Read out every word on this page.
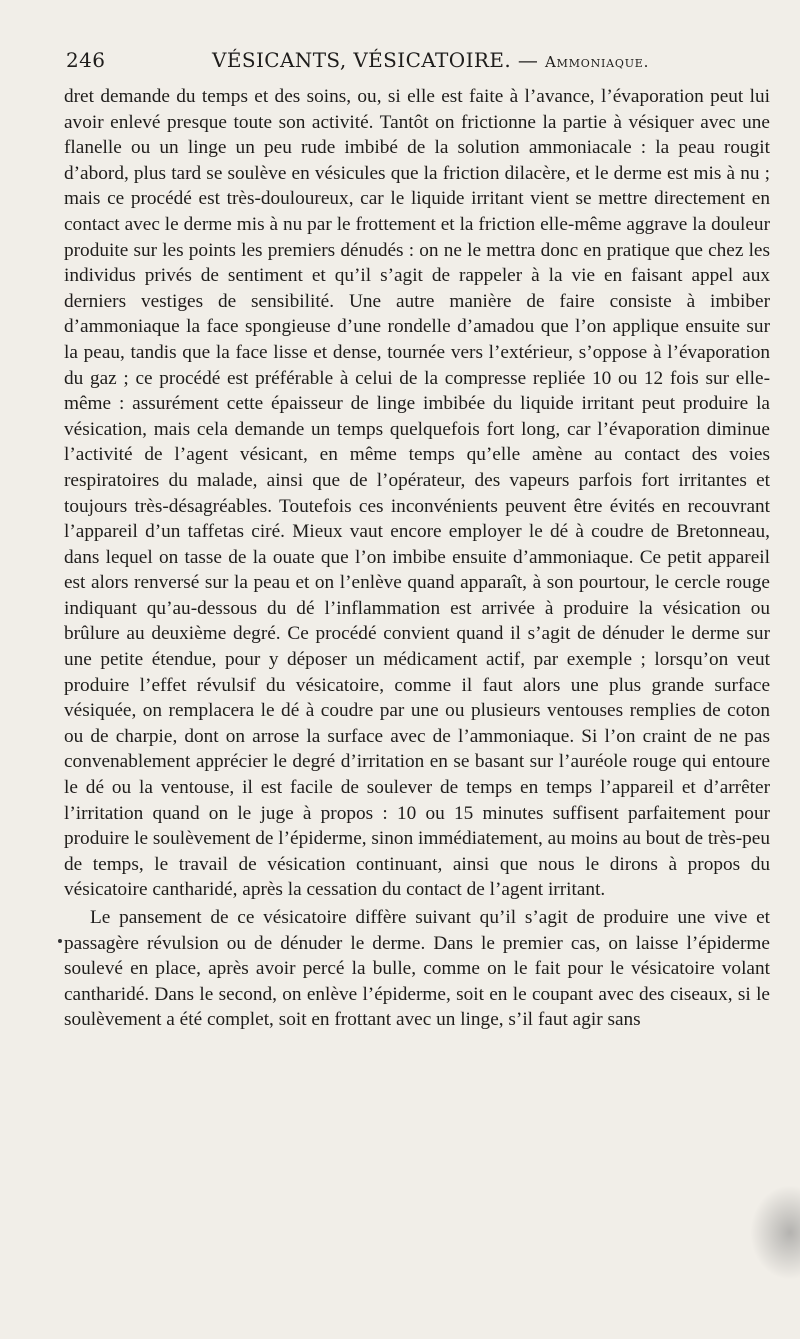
246	VÉSICANTS, VÉSICATOIRE. — Ammoniaque.

dret demande du temps et des soins, ou, si elle est faite à l’avance, l’évaporation peut lui avoir enlevé presque toute son activité. Tantôt on frictionne la partie à vésiquer avec une flanelle ou un linge un peu rude imbibé de la solution ammoniacale : la peau rougit d’abord, plus tard se soulève en vésicules que la friction dilacère, et le derme est mis à nu ; mais ce procédé est très-douloureux, car le liquide irritant vient se mettre directement en contact avec le derme mis à nu par le frottement et la friction elle-même aggrave la douleur produite sur les points les premiers dénudés : on ne le mettra donc en pratique que chez les individus privés de sentiment et qu’il s’agit de rappeler à la vie en faisant appel aux derniers vestiges de sensibilité. Une autre manière de faire consiste à imbiber d’ammoniaque la face spongieuse d’une rondelle d’amadou que l’on applique ensuite sur la peau, tandis que la face lisse et dense, tournée vers l’extérieur, s’oppose à l’évaporation du gaz ; ce procédé est préférable à celui de la compresse repliée 10 ou 12 fois sur elle-même : assurément cette épaisseur de linge imbibée du liquide irritant peut produire la vésication, mais cela demande un temps quelquefois fort long, car l’évaporation diminue l’activité de l’agent vésicant, en même temps qu’elle amène au contact des voies respiratoires du malade, ainsi que de l’opérateur, des vapeurs parfois fort irritantes et toujours très-désagréables. Toutefois ces inconvénients peuvent être évités en recouvrant l’appareil d’un taffetas ciré. Mieux vaut encore employer le dé à coudre de Bretonneau, dans lequel on tasse de la ouate que l’on imbibe ensuite d’ammoniaque. Ce petit appareil est alors renversé sur la peau et on l’enlève quand apparaît, à son pourtour, le cercle rouge indiquant qu’au-dessous du dé l’inflammation est arrivée à produire la vésication ou brûlure au deuxième degré. Ce procédé convient quand il s’agit de dénuder le derme sur une petite étendue, pour y déposer un médicament actif, par exemple ; lorsqu’on veut produire l’effet révulsif du vésicatoire, comme il faut alors une plus grande surface vésiquée, on remplacera le dé à coudre par une ou plusieurs ventouses remplies de coton ou de charpie, dont on arrose la surface avec de l’ammoniaque. Si l’on craint de ne pas convenablement apprécier le degré d’irritation en se basant sur l’auréole rouge qui entoure le dé ou la ventouse, il est facile de soulever de temps en temps l’appareil et d’arrêter l’irritation quand on le juge à propos : 10 ou 15 minutes suffisent parfaitement pour produire le soulèvement de l’épiderme, sinon immédiatement, au moins au bout de très-peu de temps, le travail de vésication continuant, ainsi que nous le dirons à propos du vésicatoire cantharidé, après la cessation du contact de l’agent irritant.

Le pansement de ce vésicatoire diffère suivant qu’il s’agit de produire une vive et passagère révulsion ou de dénuder le derme. Dans le premier cas, on laisse l’épiderme soulevé en place, après avoir percé la bulle, comme on le fait pour le vésicatoire volant cantharidé. Dans le second, on enlève l’épiderme, soit en le coupant avec des ciseaux, si le soulèvement a été complet, soit en frottant avec un linge, s’il faut agir sans
